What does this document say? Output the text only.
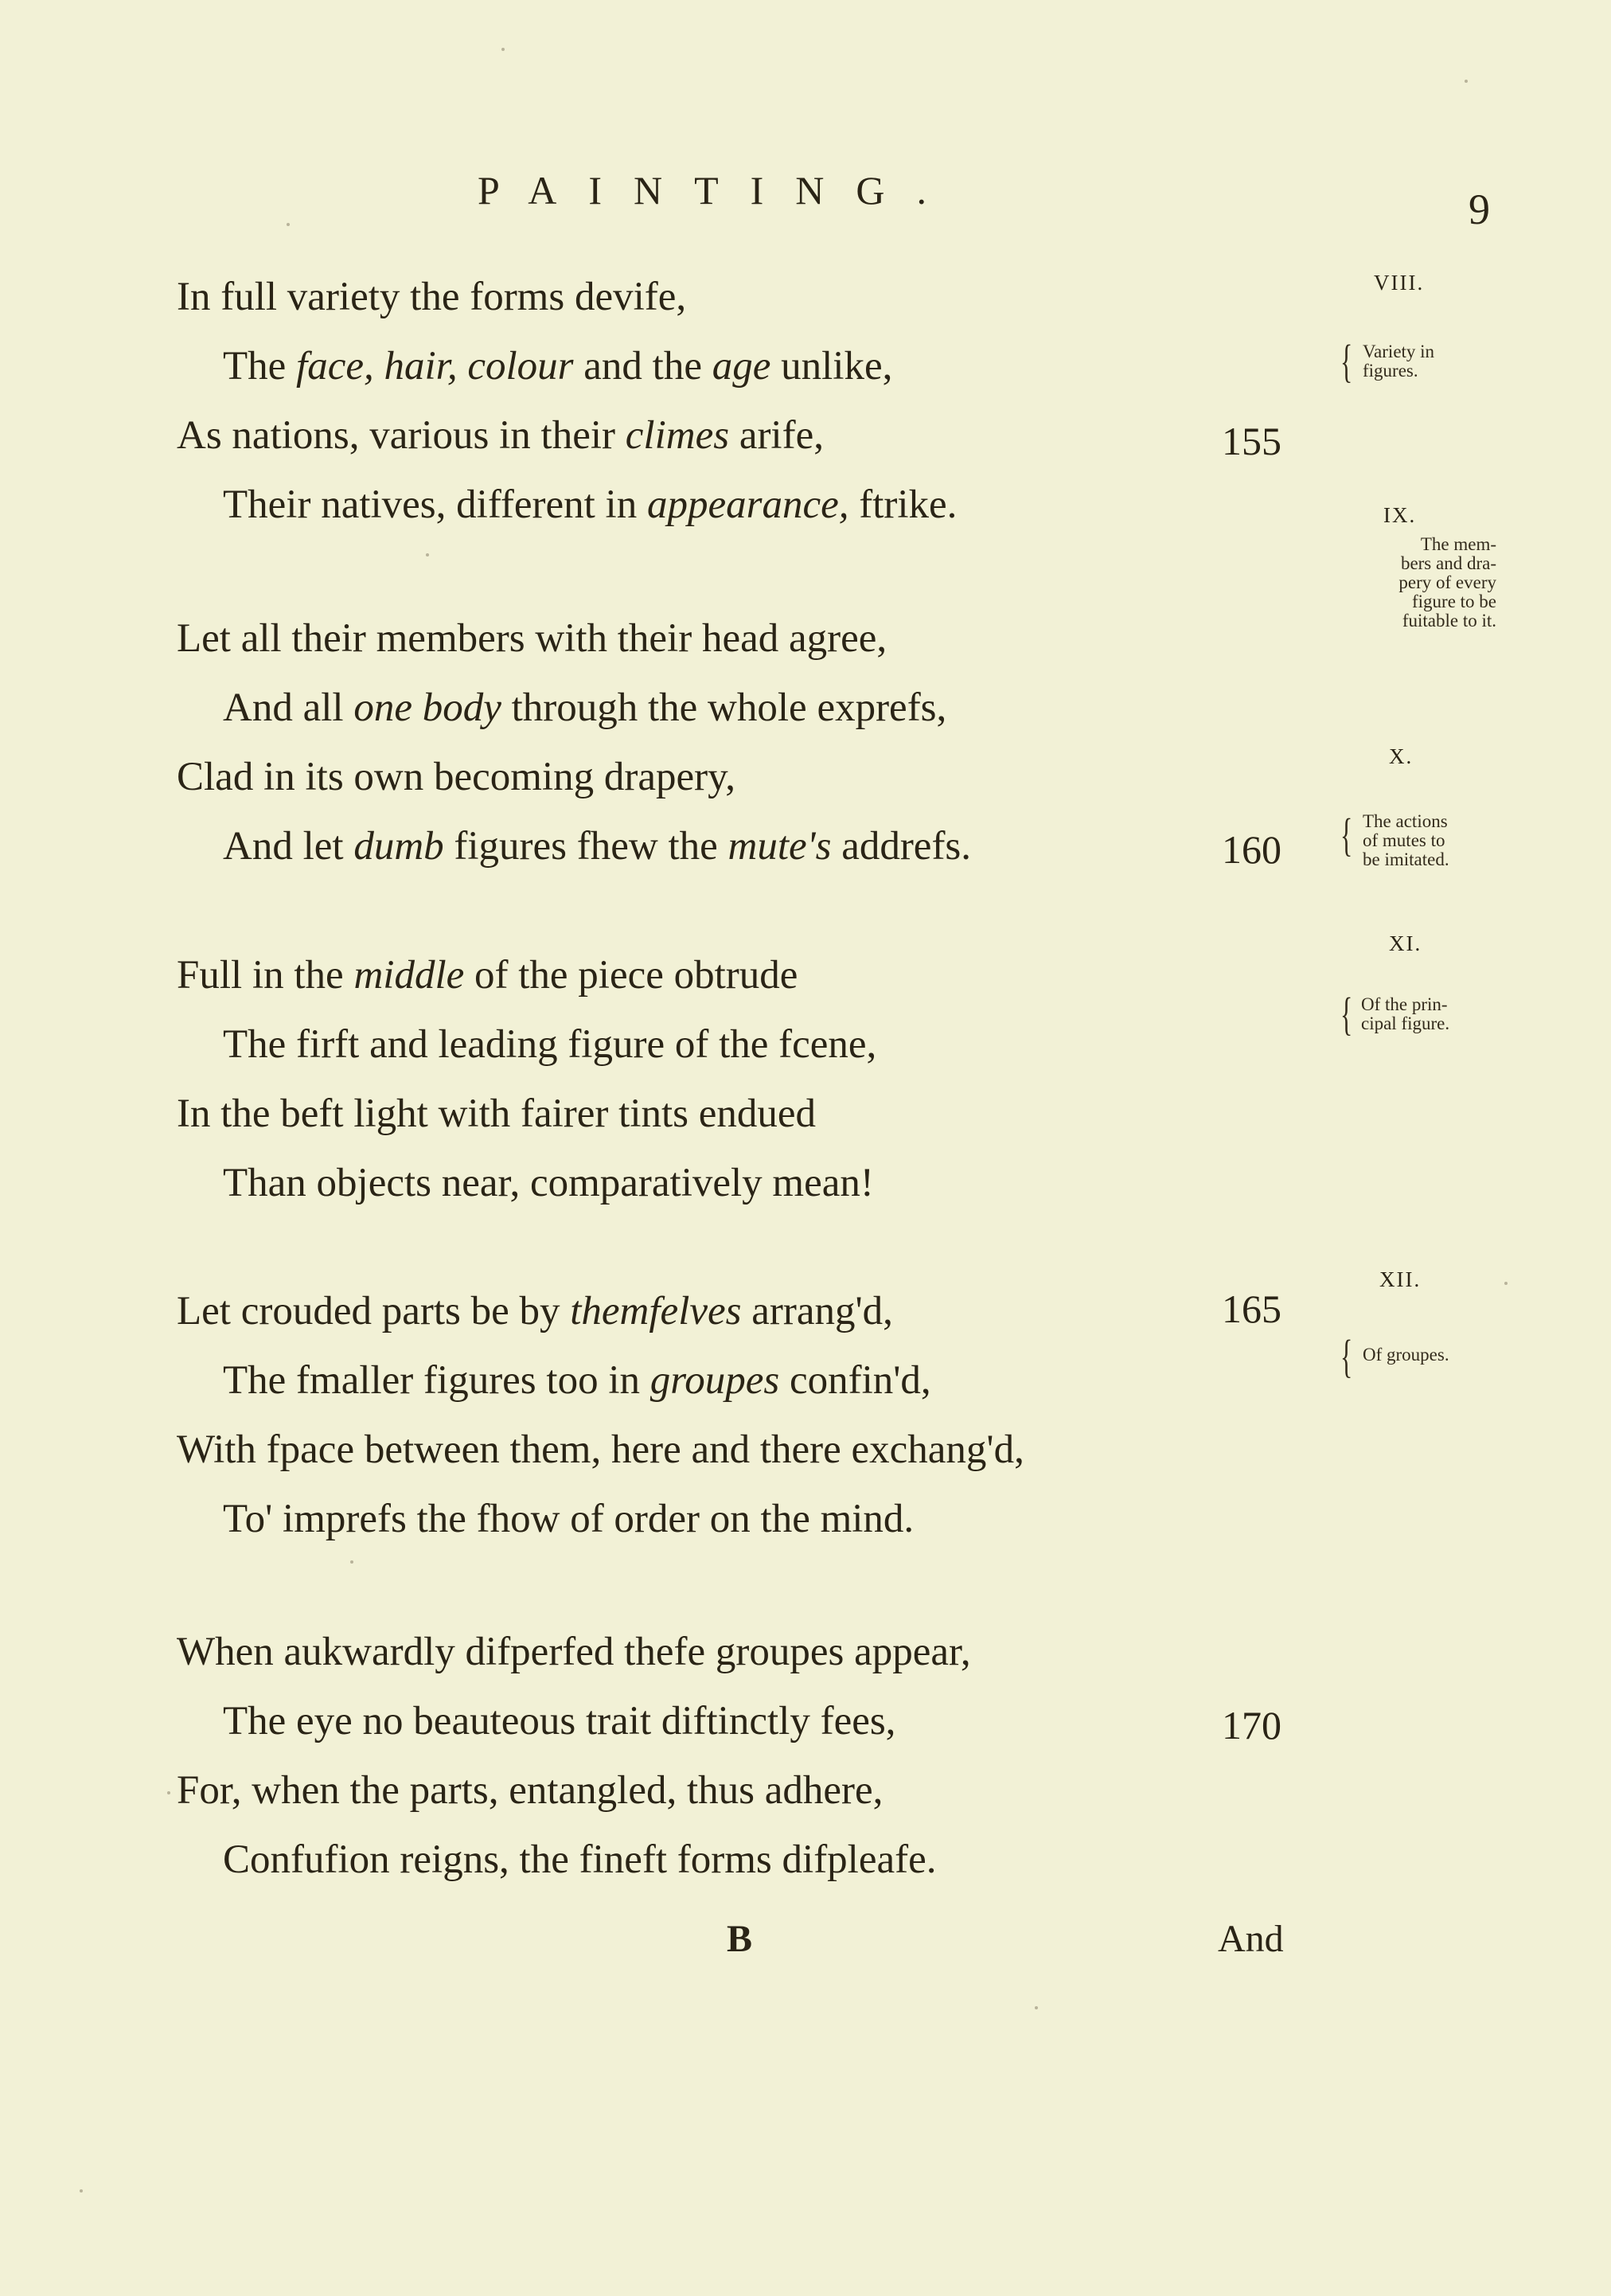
PAINTING.	9
In full variety the forms devife,
The face, hair, colour and the age unlike,
As nations, various in their climes arife,
Their natives, different in appearance, ftrike.
Let all their members with their head agree,
And all one body through the whole exprefs,
Clad in its own becoming drapery,
And let dumb figures fhew the mute's addrefs.
Full in the middle of the piece obtrude
The firft and leading figure of the fcene,
In the beft light with fairer tints endued
Than objects near, comparatively mean!
Let crouded parts be by themfelves arrang'd,
The fmaller figures too in groupes confin'd,
With fpace between them, here and there exchang'd,
To' imprefs the fhow of order on the mind.
When aukwardly difperfed thefe groupes appear,
The eye no beauteous trait diftinctly fees,
For, when the parts, entangled, thus adhere,
Confufion reigns, the fineft forms difpleafe.
155
160
165
170
VIII.
{ Variety in
figures.
IX.
The mem-
bers and dra-
pery of every
figure to be
fuitable to it.
X.
{ The actions
of mutes to
be imitated.
XI.
{ Of the prin-
cipal figure.
XII.
{ Of groupes.
B	And
